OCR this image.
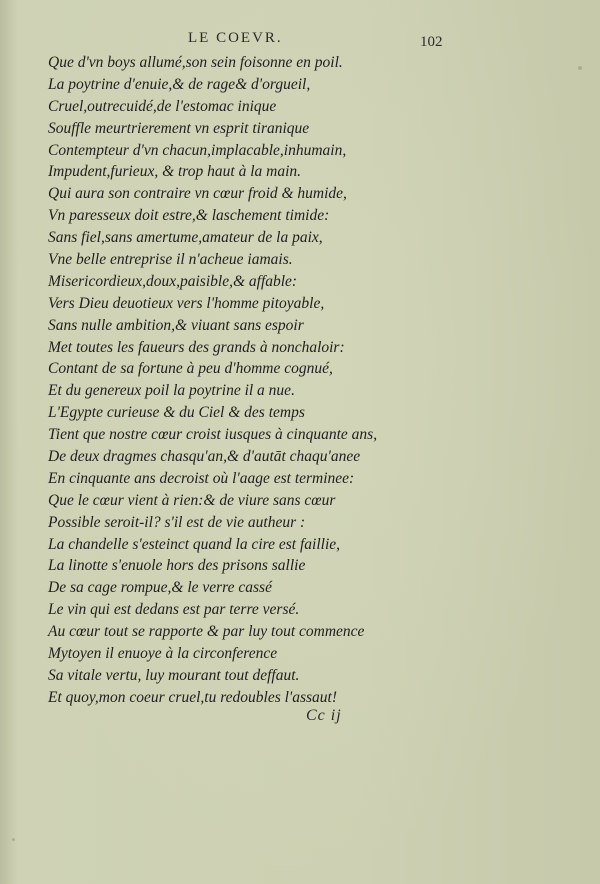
LE COEVR.	102
Que d'vn boys allumé,son sein foisonne en poil.
La poytrine d'enuie,& de rage& d'orgueil,
Cruel,outrecuidé,de l'estomac inique
Souffle meurtrierement vn esprit tiranique
Contempteur d'vn chacun,implacable,inhumain,
Impudent,furieux, & trop haut à la main.
Qui aura son contraire vn cœur froid & humide,
Vn paresseux doit estre,& laschement timide:
Sans fiel,sans amertume,amateur de la paix,
Vne belle entreprise il n'acheue iamais.
Misericordieux,doux,paisible,& affable:
Vers Dieu deuotieux vers l'homme pitoyable,
Sans nulle ambition,& viuant sans espoir
Met toutes les faueurs des grands à nonchaloir:
Contant de sa fortune à peu d'homme cognué,
Et du genereux poil la poytrine il a nue.
L'Egypte curieuse & du Ciel & des temps
Tient que nostre cœur croist iusques à cinquante ans,
De deux dragmes chasqu'an,& d'autāt chaqu'anee
En cinquante ans decroist où l'aage est terminee:
Que le cœur vient à rien:& de viure sans cœur
Possible seroit-il? s'il est de vie autheur :
La chandelle s'esteinct quand la cire est faillie,
La linotte s'enuole hors des prisons sallie
De sa cage rompue,& le verre cassé
Le vin qui est dedans est par terre versé.
Au cœur tout se rapporte & par luy tout commence
Mytoyen il enuoye à la circonference
Sa vitale vertu, luy mourant tout deffaut.
Et quoy,mon coeur cruel,tu redoubles l'assaut!
Cc ij
